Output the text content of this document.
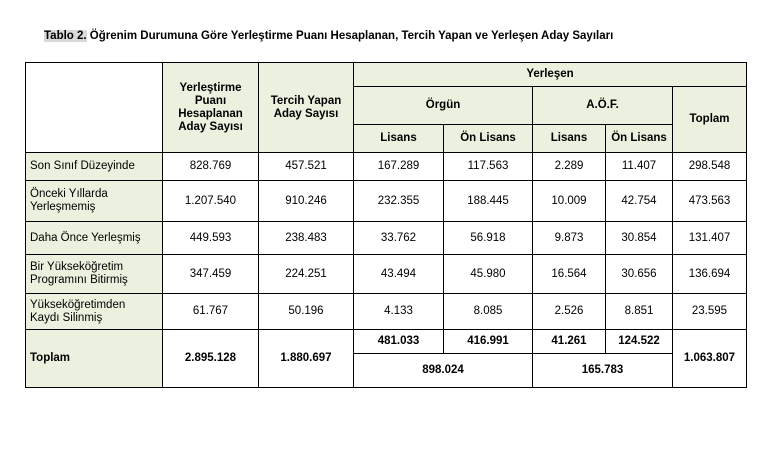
Tablo 2. Öğrenim Durumuna Göre Yerleştirme Puanı Hesaplanan, Tercih Yapan ve Yerleşen Aday Sayıları

	Yerleştirme
Puanı
Hesaplanan
Aday Sayısı	Tercih Yapan
Aday Sayısı	Yerleşen				
			Örgün		A.Ö.F.		Toplam
			Lisans	Ön Lisans	Lisans	Ön Lisans	
Son Sınıf Düzeyinde	828.769	457.521	167.289	117.563	2.289	11.407	298.548

Önceki Yıllarda
Yerleşmemiş	1.207.540	910.246	232.355	188.445	10.009	42.754	473.563
Daha Önce Yerleşmiş	449.593	238.483	33.762	56.918	9.873	30.854	131.407

Bir Yükseköğretim
Programını Bitirmiş	347.459	224.251	43.494	45.980	16.564	30.656	136.694

Yükseköğretimden
Kaydı Silinmiş	61.767	50.196	4.133	8.085	2.526	8.851	23.595
Toplam	2.895.128	1.880.697	481.033	416.991	41.261	124.522	1.063.807
			898.024		165.783		
